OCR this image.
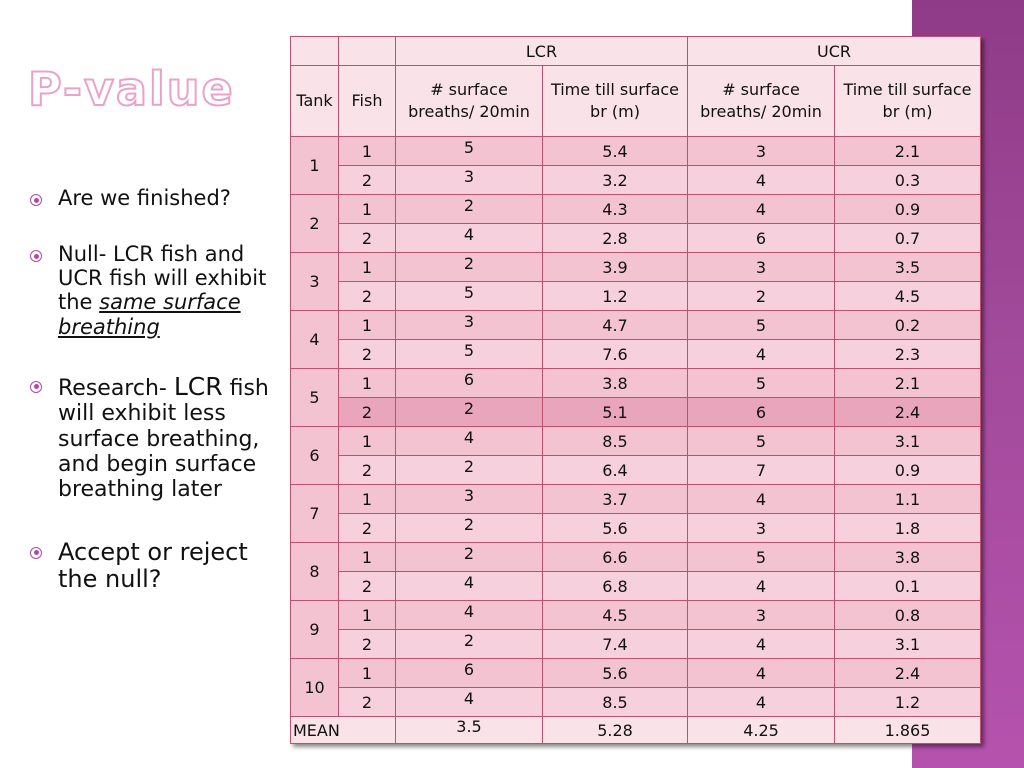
P-value
Are we finished?
Null- LCR fish and UCR fish will exhibit the same surface breathing
Research- LCR fish will exhibit less surface breathing, and begin surface breathing later
Accept or reject the null?
		LCR		UCR	
Tank	Fish	# surface breaths/ 20min	Time till surface br (m)	# surface breaths/ 20min	Time till surface br (m)
1	1	5	5.4	3	2.1
	2	3	3.2	4	0.3
2	1	2	4.3	4	0.9
	2	4	2.8	6	0.7
3	1	2	3.9	3	3.5
	2	5	1.2	2	4.5
4	1	3	4.7	5	0.2
	2	5	7.6	4	2.3
5	1	6	3.8	5	2.1
	2	2	5.1	6	2.4
6	1	4	8.5	5	3.1
	2	2	6.4	7	0.9
7	1	3	3.7	4	1.1
	2	2	5.6	3	1.8
8	1	2	6.6	5	3.8
	2	4	6.8	4	0.1
9	1	4	4.5	3	0.8
	2	2	7.4	4	3.1
10	1	6	5.6	4	2.4
	2	4	8.5	4	1.2
MEAN		3.5	5.28	4.25	1.865
